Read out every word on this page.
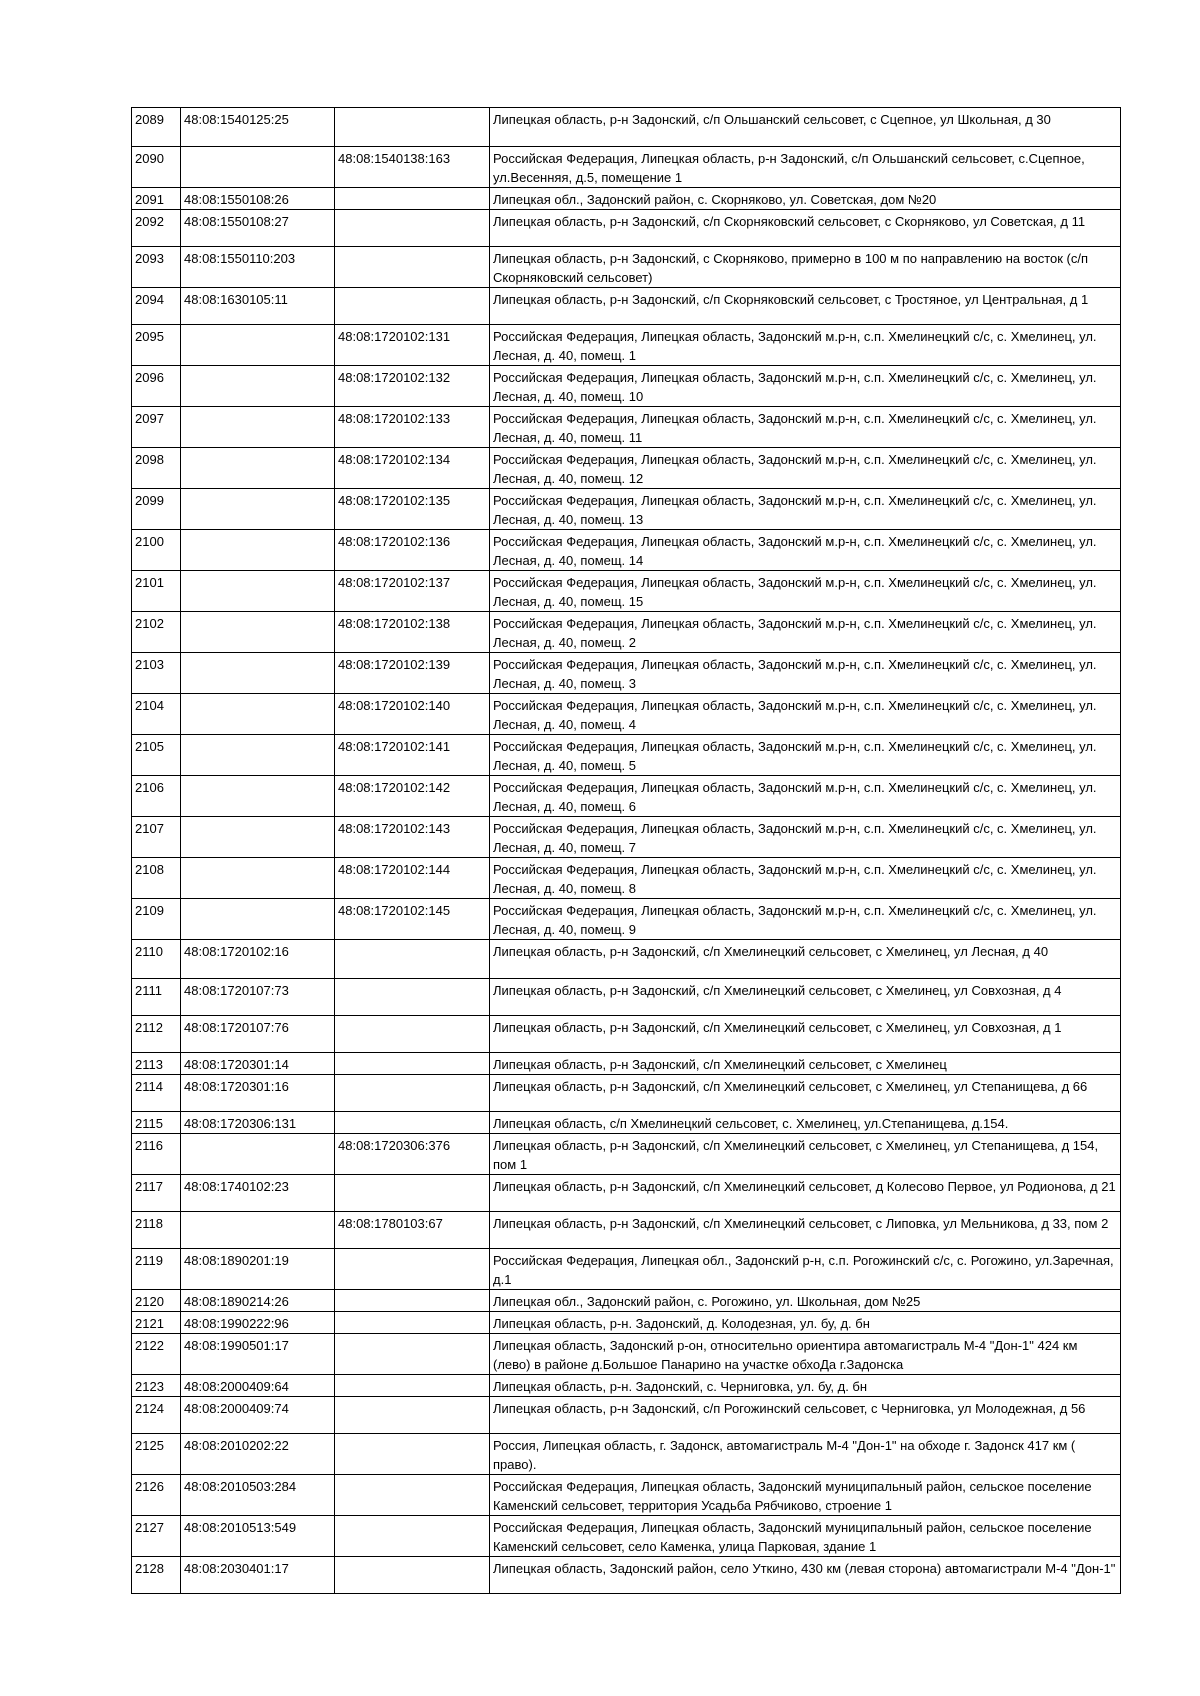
2089	48:08:1540125:25		Липецкая область, р-н Задонский, с/п Ольшанский сельсовет, с Сцепное, ул Школьная, д 30
2090		48:08:1540138:163	Российская Федерация, Липецкая область, р-н Задонский, с/п Ольшанский сельсовет, с.Сцепное, ул.Весенняя, д.5, помещение 1
2091	48:08:1550108:26		Липецкая обл., Задонский район, с. Скорняково, ул. Советская, дом №20
2092	48:08:1550108:27		Липецкая область, р-н Задонский, с/п Скорняковский сельсовет, с Скорняково, ул Советская, д 11
2093	48:08:1550110:203		Липецкая область, р-н Задонский, с Скорняково, примерно в 100 м по направлению на восток (с/п Скорняковский сельсовет)
2094	48:08:1630105:11		Липецкая область, р-н Задонский, с/п Скорняковский сельсовет, с Тростяное, ул Центральная, д 1
2095		48:08:1720102:131	Российская Федерация, Липецкая область, Задонский м.р-н, с.п. Хмелинецкий с/с, с. Хмелинец, ул. Лесная, д. 40, помещ. 1
2096		48:08:1720102:132	Российская Федерация, Липецкая область, Задонский м.р-н, с.п. Хмелинецкий с/с, с. Хмелинец, ул. Лесная, д. 40, помещ. 10
2097		48:08:1720102:133	Российская Федерация, Липецкая область, Задонский м.р-н, с.п. Хмелинецкий с/с, с. Хмелинец, ул. Лесная, д. 40, помещ. 11
2098		48:08:1720102:134	Российская Федерация, Липецкая область, Задонский м.р-н, с.п. Хмелинецкий с/с, с. Хмелинец, ул. Лесная, д. 40, помещ. 12
2099		48:08:1720102:135	Российская Федерация, Липецкая область, Задонский м.р-н, с.п. Хмелинецкий с/с, с. Хмелинец, ул. Лесная, д. 40, помещ. 13
2100		48:08:1720102:136	Российская Федерация, Липецкая область, Задонский м.р-н, с.п. Хмелинецкий с/с, с. Хмелинец, ул. Лесная, д. 40, помещ. 14
2101		48:08:1720102:137	Российская Федерация, Липецкая область, Задонский м.р-н, с.п. Хмелинецкий с/с, с. Хмелинец, ул. Лесная, д. 40, помещ. 15
2102		48:08:1720102:138	Российская Федерация, Липецкая область, Задонский м.р-н, с.п. Хмелинецкий с/с, с. Хмелинец, ул. Лесная, д. 40, помещ. 2
2103		48:08:1720102:139	Российская Федерация, Липецкая область, Задонский м.р-н, с.п. Хмелинецкий с/с, с. Хмелинец, ул. Лесная, д. 40, помещ. 3
2104		48:08:1720102:140	Российская Федерация, Липецкая область, Задонский м.р-н, с.п. Хмелинецкий с/с, с. Хмелинец, ул. Лесная, д. 40, помещ. 4
2105		48:08:1720102:141	Российская Федерация, Липецкая область, Задонский м.р-н, с.п. Хмелинецкий с/с, с. Хмелинец, ул. Лесная, д. 40, помещ. 5
2106		48:08:1720102:142	Российская Федерация, Липецкая область, Задонский м.р-н, с.п. Хмелинецкий с/с, с. Хмелинец, ул. Лесная, д. 40, помещ. 6
2107		48:08:1720102:143	Российская Федерация, Липецкая область, Задонский м.р-н, с.п. Хмелинецкий с/с, с. Хмелинец, ул. Лесная, д. 40, помещ. 7
2108		48:08:1720102:144	Российская Федерация, Липецкая область, Задонский м.р-н, с.п. Хмелинецкий с/с, с. Хмелинец, ул. Лесная, д. 40, помещ. 8
2109		48:08:1720102:145	Российская Федерация, Липецкая область, Задонский м.р-н, с.п. Хмелинецкий с/с, с. Хмелинец, ул. Лесная, д. 40, помещ. 9
2110	48:08:1720102:16		Липецкая область, р-н Задонский, с/п Хмелинецкий сельсовет, с Хмелинец, ул Лесная, д 40
2111	48:08:1720107:73		Липецкая область, р-н Задонский, с/п Хмелинецкий сельсовет, с Хмелинец, ул Совхозная, д 4
2112	48:08:1720107:76		Липецкая область, р-н Задонский, с/п Хмелинецкий сельсовет, с Хмелинец, ул Совхозная, д 1
2113	48:08:1720301:14		Липецкая область, р-н Задонский, с/п Хмелинецкий сельсовет, с Хмелинец
2114	48:08:1720301:16		Липецкая область, р-н Задонский, с/п Хмелинецкий сельсовет, с Хмелинец, ул Степанищева, д 66
2115	48:08:1720306:131		Липецкая область, с/п Хмелинецкий сельсовет, с. Хмелинец, ул.Степанищева, д.154.
2116		48:08:1720306:376	Липецкая область, р-н Задонский, с/п Хмелинецкий сельсовет, с Хмелинец, ул Степанищева, д 154, пом 1
2117	48:08:1740102:23		Липецкая область, р-н Задонский, с/п Хмелинецкий сельсовет, д Колесово Первое, ул Родионова, д 21
2118		48:08:1780103:67	Липецкая область, р-н Задонский, с/п Хмелинецкий сельсовет, с Липовка, ул Мельникова, д 33, пом 2
2119	48:08:1890201:19		Российская Федерация, Липецкая обл., Задонский р-н, с.п. Рогожинский с/с, с. Рогожино, ул.Заречная, д.1
2120	48:08:1890214:26		Липецкая обл., Задонский район, с. Рогожино, ул. Школьная, дом №25
2121	48:08:1990222:96		Липецкая область, р-н. Задонский, д. Колодезная, ул. бу, д. бн
2122	48:08:1990501:17		Липецкая область, Задонский р-он, относительно ориентира автомагистраль М-4 "Дон-1" 424 км (лево) в районе д.Большое Панарино на участке обхоДа г.Задонска
2123	48:08:2000409:64		Липецкая область, р-н. Задонский, с. Черниговка, ул. бу, д. бн
2124	48:08:2000409:74		Липецкая область, р-н Задонский, с/п Рогожинский сельсовет, с Черниговка, ул Молодежная, д 56
2125	48:08:2010202:22		Россия, Липецкая область, г. Задонск, автомагистраль М-4 "Дон-1" на обходе г. Задонск 417 км ( право).
2126	48:08:2010503:284		Российская Федерация, Липецкая область, Задонский муниципальный район, сельское поселение Каменский сельсовет, территория Усадьба Рябчиково, строение 1
2127	48:08:2010513:549		Российская Федерация, Липецкая область, Задонский муниципальный район, сельское поселение Каменский сельсовет, село Каменка, улица Парковая, здание 1
2128	48:08:2030401:17		Липецкая область, Задонский район, село Уткино, 430 км (левая сторона) автомагистрали М-4 "Дон-1"
